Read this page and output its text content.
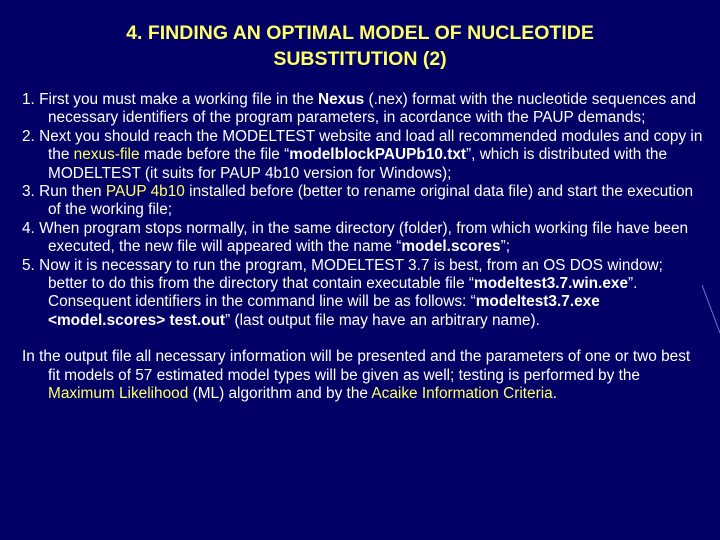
4. FINDING AN OPTIMAL MODEL OF NUCLEOTIDE
SUBSTITUTION (2)

1. First you must make a working file in the Nexus (.nex) format with the nucleotide sequences and necessary identifiers of the program parameters, in acordance with the PAUP demands;

2. Next you should reach the MODELTEST website and load all recommended modules and copy in the nexus-file made before the file “modelblockPAUPb10.txt”, which is distributed with the MODELTEST (it suits for PAUP 4b10 version for Windows);

3. Run then PAUP 4b10 installed before (better to rename original data file) and start the execution of the working file;

4. When program stops normally, in the same directory (folder), from which working file have been executed, the new file will appeared with the name “model.scores”;

5. Now it is necessary to run the program, MODELTEST 3.7 is best, from an OS DOS window; better to do this from the directory that contain executable file “modeltest3.7.win.exe”. Consequent identifiers in the command line will be as follows: “modeltest3.7.exe <model.scores> test.out” (last output file may have an arbitrary name).

In the output file all necessary information will be presented and the parameters of one or two best fit models of 57 estimated model types will be given as well; testing is performed by the Maximum Likelihood (ML) algorithm and by the Acaike Information Criteria.
